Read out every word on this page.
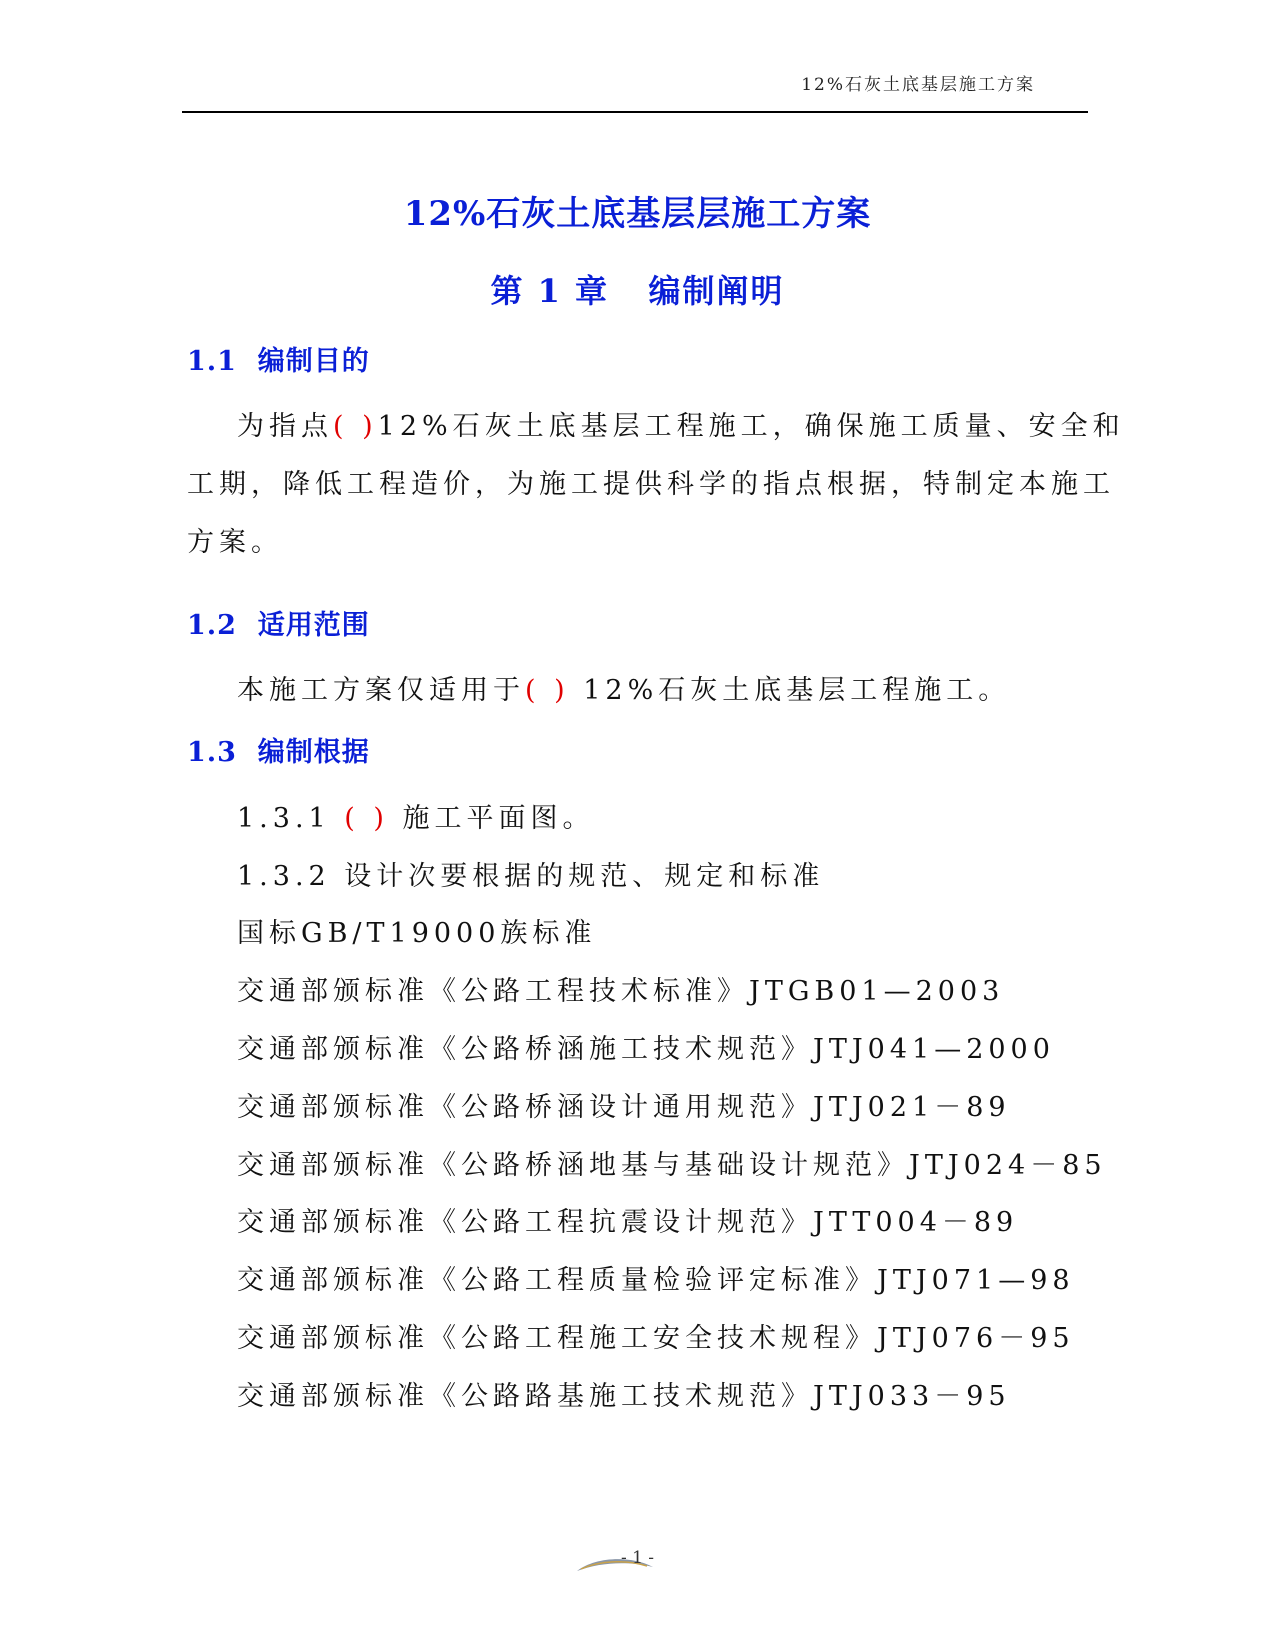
12%石灰土底基层施工方案
12%石灰土底基层层施工方案
第 1 章   编制阐明
1.1  编制目的
为指点( )12%石灰土底基层工程施工，确保施工质量、安全和
工期，降低工程造价，为施工提供科学的指点根据，特制定本施工
方案。
1.2  适用范围
本施工方案仅适用于( ) 12%石灰土底基层工程施工。
1.3  编制根据
1.3.1 ( ) 施工平面图。
1.3.2 设计次要根据的规范、规定和标准
国标GB/T19000族标准
交通部颁标准《公路工程技术标准》JTGB01—2003
交通部颁标准《公路桥涵施工技术规范》JTJ041—2000
交通部颁标准《公路桥涵设计通用规范》JTJ021－89
交通部颁标准《公路桥涵地基与基础设计规范》JTJ024－85
交通部颁标准《公路工程抗震设计规范》JTT004－89
交通部颁标准《公路工程质量检验评定标准》JTJ071—98
交通部颁标准《公路工程施工安全技术规程》JTJ076－95
交通部颁标准《公路路基施工技术规范》JTJ033－95
- 1 -
